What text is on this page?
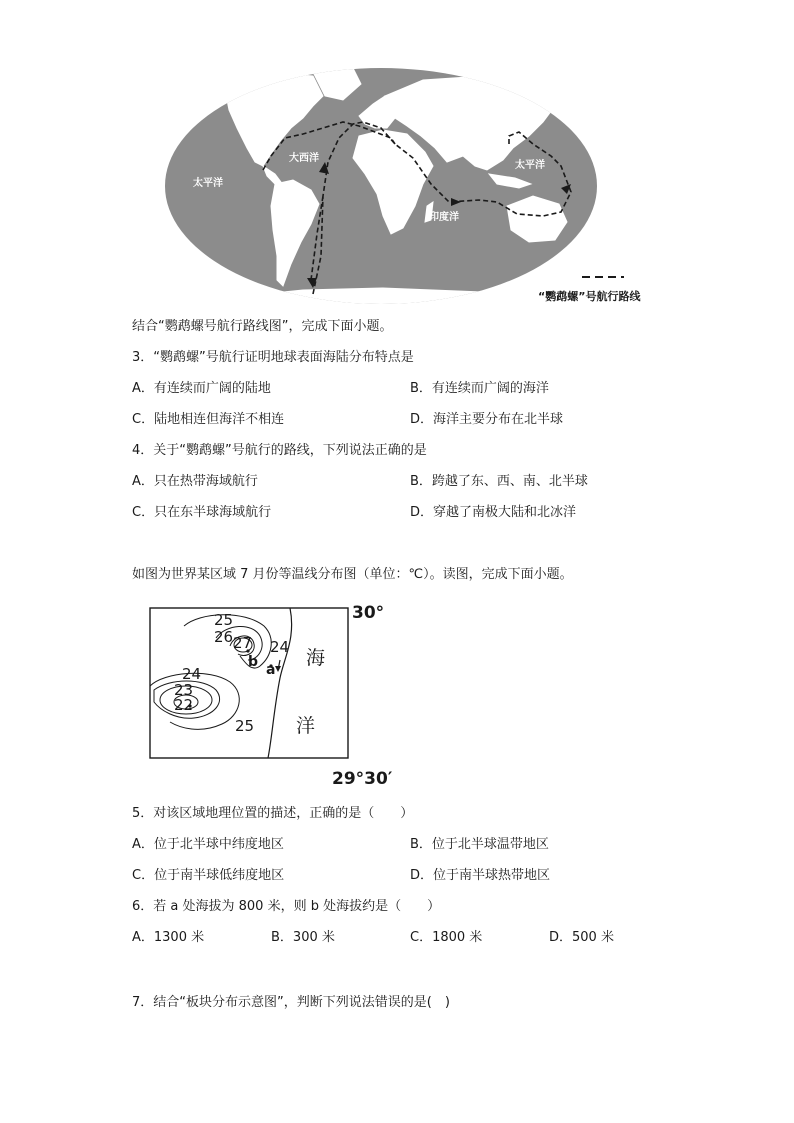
太平洋
大西洋
太平洋
印度洋
“鹦鹉螺”号航行路线
结合“鹦鹉螺号航行路线图”，完成下面小题。
3．“鹦鹉螺”号航行证明地球表面海陆分布特点是
A．有连续而广阔的陆地	B．有连续而广阔的海洋
C．陆地相连但海洋不相连	D．海洋主要分布在北半球
4．关于“鹦鹉螺”号航行的路线，下列说法正确的是
A．只在热带海域航行	B．跨越了东、西、南、北半球
C．只在东半球海域航行	D．穿越了南极大陆和北冰洋
如图为世界某区域 7 月份等温线分布图（单位：℃）。读图，完成下面小题。
25
26 27 24
24
23
22
25
b a
海
洋
30°
29°30′
5．对该区域地理位置的描述，正确的是（　　）
A．位于北半球中纬度地区	B．位于北半球温带地区
C．位于南半球低纬度地区	D．位于南半球热带地区
6．若 a 处海拔为 800 米，则 b 处海拔约是（　　）
A．1300 米	B．300 米	C．1800 米	D．500 米
7．结合“板块分布示意图”，判断下列说法错误的是(　)
